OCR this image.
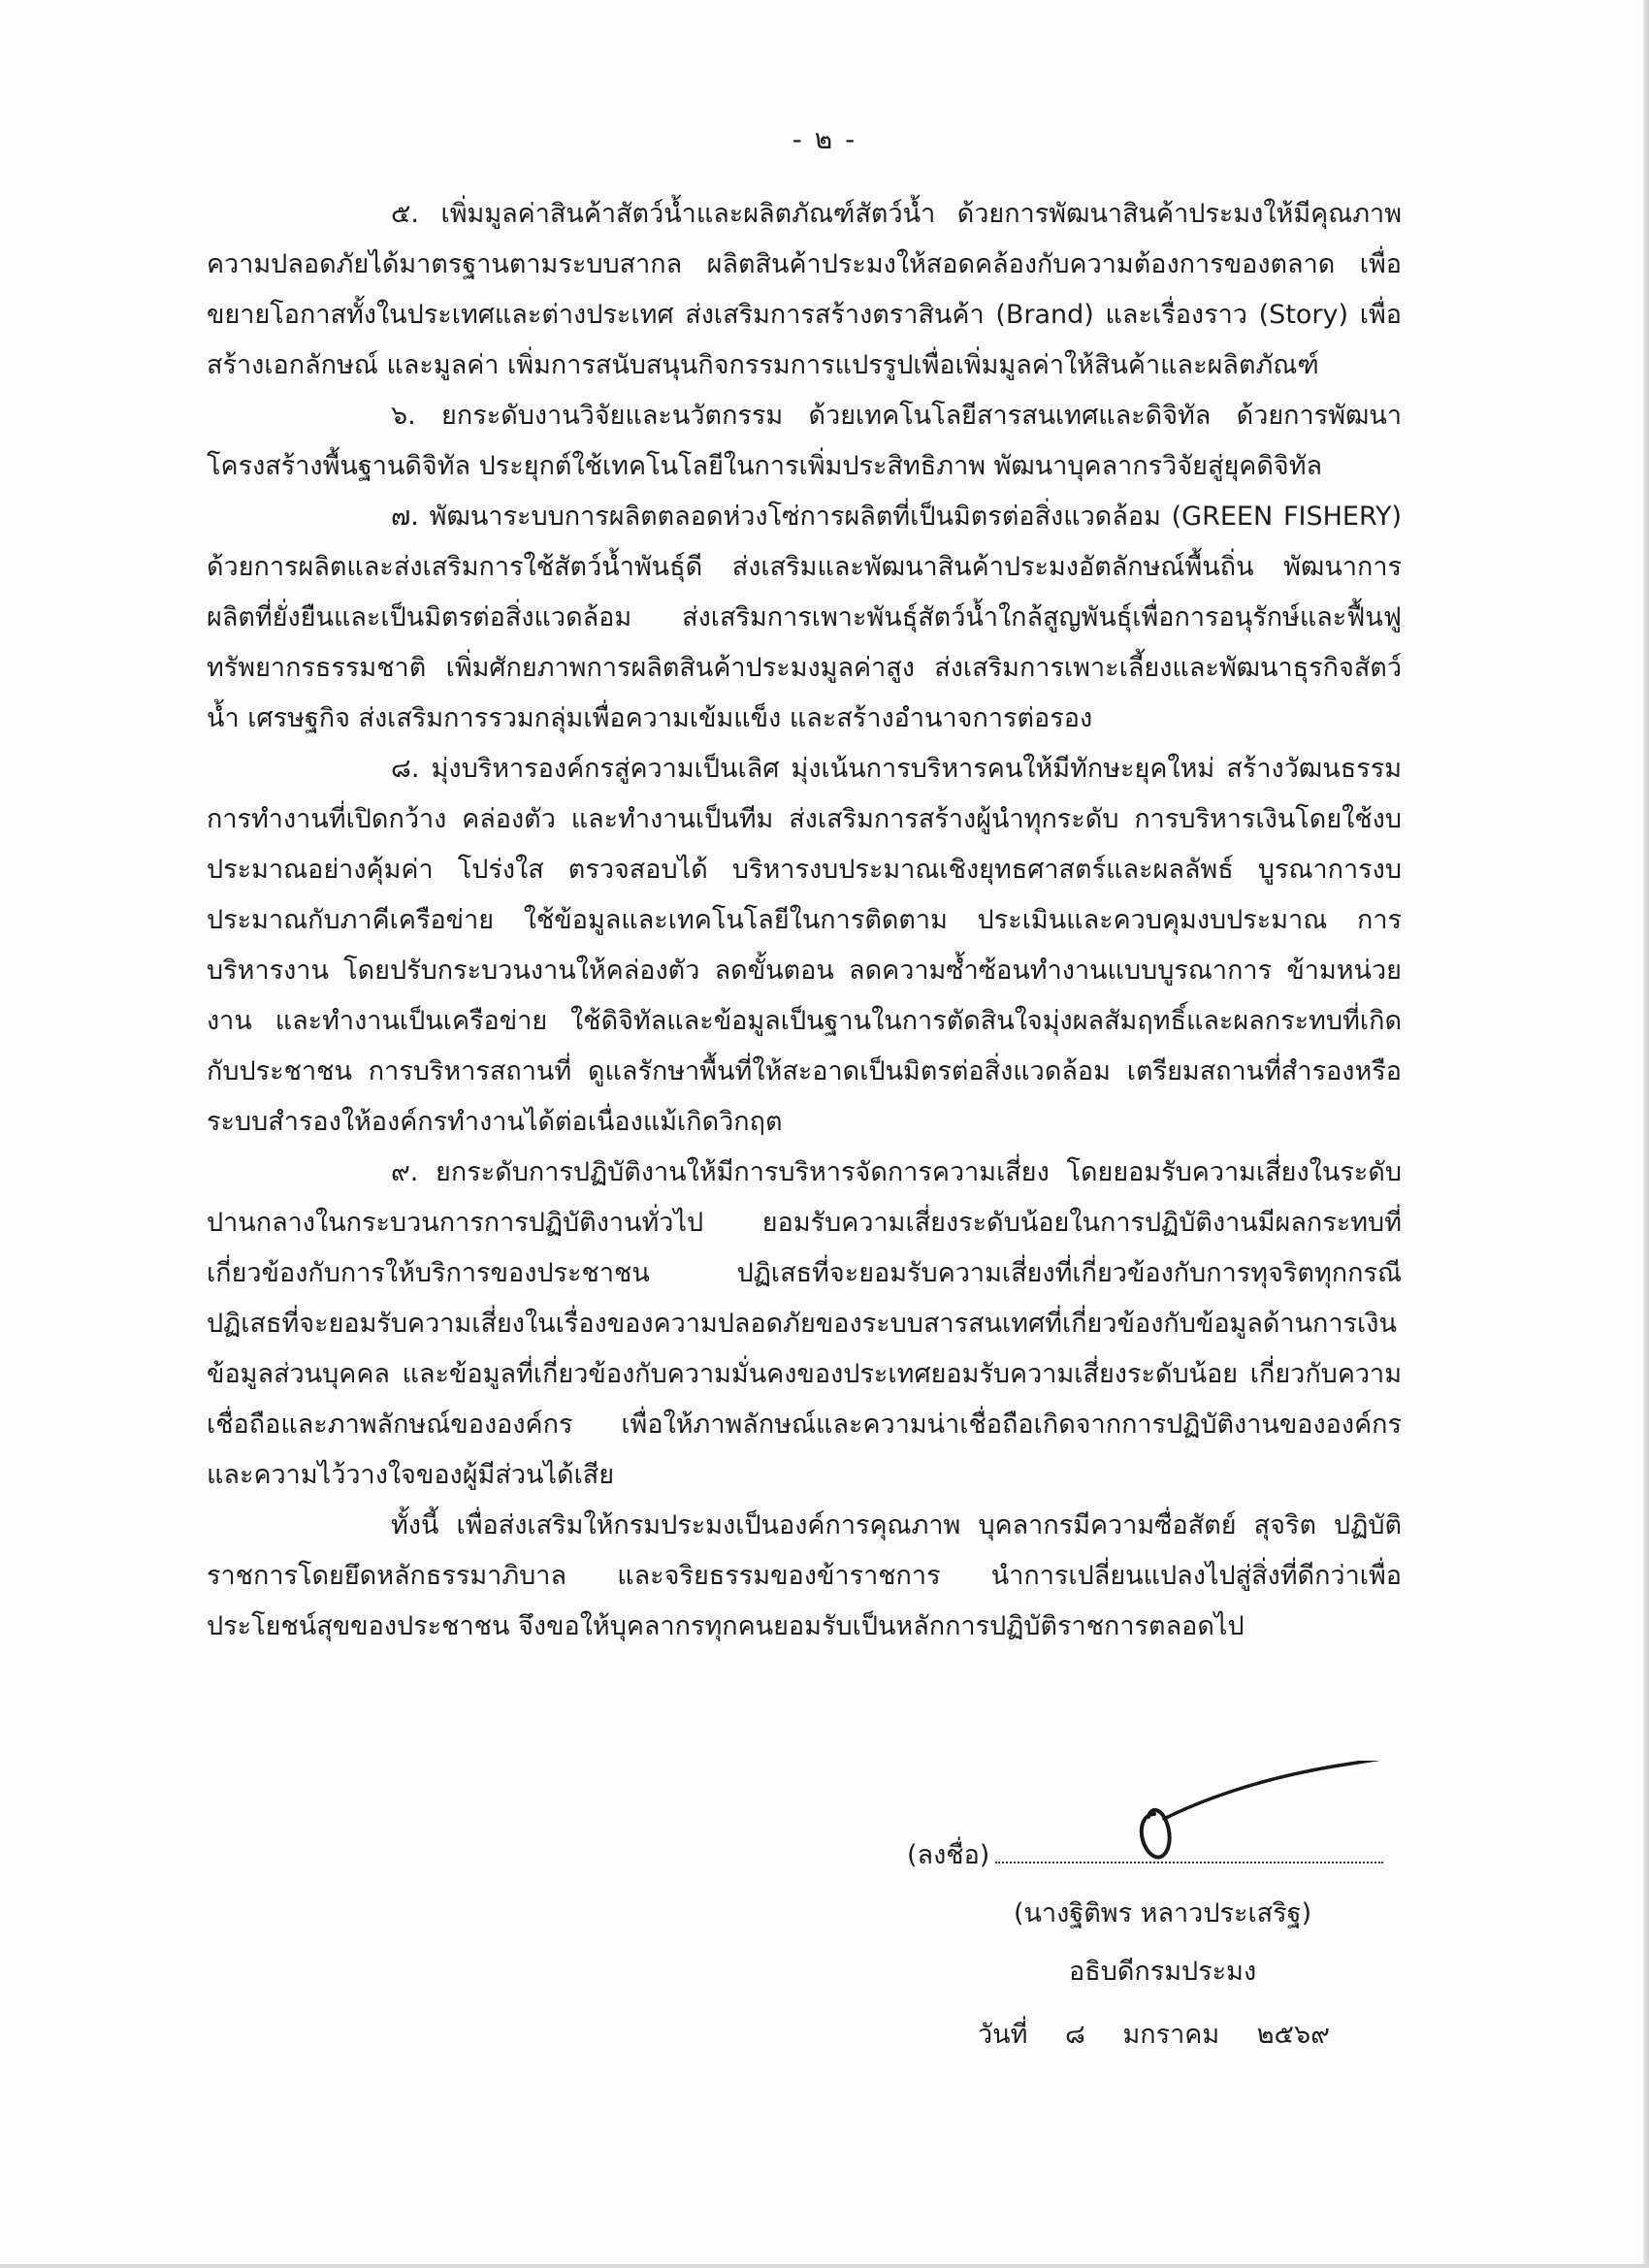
- ๒ -

๕. เพิ่มมูลค่าสินค้าสัตว์น้ำและผลิตภัณฑ์สัตว์น้ำ ด้วยการพัฒนาสินค้าประมงให้มีคุณภาพ ความปลอดภัยได้มาตรฐานตามระบบสากล ผลิตสินค้าประมงให้สอดคล้องกับความต้องการของตลาด เพื่อขยายโอกาสทั้งในประเทศและต่างประเทศ ส่งเสริมการสร้างตราสินค้า (Brand) และเรื่องราว (Story) เพื่อสร้างเอกลักษณ์ และมูลค่า เพิ่มการสนับสนุนกิจกรรมการแปรรูปเพื่อเพิ่มมูลค่าให้สินค้าและผลิตภัณฑ์

๖. ยกระดับงานวิจัยและนวัตกรรม ด้วยเทคโนโลยีสารสนเทศและดิจิทัล ด้วยการพัฒนาโครงสร้างพื้นฐานดิจิทัล ประยุกต์ใช้เทคโนโลยีในการเพิ่มประสิทธิภาพ พัฒนาบุคลากรวิจัยสู่ยุคดิจิทัล

๗. พัฒนาระบบการผลิตตลอดห่วงโซ่การผลิตที่เป็นมิตรต่อสิ่งแวดล้อม (GREEN FISHERY) ด้วยการผลิตและส่งเสริมการใช้สัตว์น้ำพันธุ์ดี ส่งเสริมและพัฒนาสินค้าประมงอัตลักษณ์พื้นถิ่น พัฒนาการผลิตที่ยั่งยืนและเป็นมิตรต่อสิ่งแวดล้อม ส่งเสริมการเพาะพันธุ์สัตว์น้ำใกล้สูญพันธุ์เพื่อการอนุรักษ์และฟื้นฟูทรัพยากรธรรมชาติ เพิ่มศักยภาพการผลิตสินค้าประมงมูลค่าสูง ส่งเสริมการเพาะเลี้ยงและพัฒนาธุรกิจสัตว์น้ำ เศรษฐกิจ ส่งเสริมการรวมกลุ่มเพื่อความเข้มแข็ง และสร้างอำนาจการต่อรอง

๘. มุ่งบริหารองค์กรสู่ความเป็นเลิศ มุ่งเน้นการบริหารคนให้มีทักษะยุคใหม่ สร้างวัฒนธรรมการทำงานที่เปิดกว้าง คล่องตัว และทำงานเป็นทีม ส่งเสริมการสร้างผู้นำทุกระดับ การบริหารเงินโดยใช้งบประมาณอย่างคุ้มค่า โปร่งใส ตรวจสอบได้ บริหารงบประมาณเชิงยุทธศาสตร์และผลลัพธ์ บูรณาการงบประมาณกับภาคีเครือข่าย ใช้ข้อมูลและเทคโนโลยีในการติดตาม ประเมินและควบคุมงบประมาณ การบริหารงาน โดยปรับกระบวนงานให้คล่องตัว ลดขั้นตอน ลดความซ้ำซ้อนทำงานแบบบูรณาการ ข้ามหน่วยงาน และทำงานเป็นเครือข่าย ใช้ดิจิทัลและข้อมูลเป็นฐานในการตัดสินใจมุ่งผลสัมฤทธิ์และผลกระทบที่เกิดกับประชาชน การบริหารสถานที่ ดูแลรักษาพื้นที่ให้สะอาดเป็นมิตรต่อสิ่งแวดล้อม เตรียมสถานที่สำรองหรือระบบสำรองให้องค์กรทำงานได้ต่อเนื่องแม้เกิดวิกฤต

๙. ยกระดับการปฏิบัติงานให้มีการบริหารจัดการความเสี่ยง โดยยอมรับความเสี่ยงในระดับปานกลางในกระบวนการการปฏิบัติงานทั่วไป ยอมรับความเสี่ยงระดับน้อยในการปฏิบัติงานมีผลกระทบที่เกี่ยวข้องกับการให้บริการของประชาชน ปฏิเสธที่จะยอมรับความเสี่ยงที่เกี่ยวข้องกับการทุจริตทุกกรณี ปฏิเสธที่จะยอมรับความเสี่ยงในเรื่องของความปลอดภัยของระบบสารสนเทศที่เกี่ยวข้องกับข้อมูลด้านการเงิน ข้อมูลส่วนบุคคล และข้อมูลที่เกี่ยวข้องกับความมั่นคงของประเทศยอมรับความเสี่ยงระดับน้อย เกี่ยวกับความเชื่อถือและภาพลักษณ์ขององค์กร เพื่อให้ภาพลักษณ์และความน่าเชื่อถือเกิดจากการปฏิบัติงานขององค์กรและความไว้วางใจของผู้มีส่วนได้เสีย

ทั้งนี้ เพื่อส่งเสริมให้กรมประมงเป็นองค์การคุณภาพ บุคลากรมีความซื่อสัตย์ สุจริต ปฏิบัติราชการโดยยึดหลักธรรมาภิบาล และจริยธรรมของข้าราชการ นำการเปลี่ยนแปลงไปสู่สิ่งที่ดีกว่าเพื่อประโยชน์สุขของประชาชน จึงขอให้บุคลากรทุกคนยอมรับเป็นหลักการปฏิบัติราชการตลอดไป

(ลงชื่อ)
(นางฐิติพร หลาวประเสริฐ)
อธิบดีกรมประมง
วันที่ ๘ มกราคม ๒๕๖๙
